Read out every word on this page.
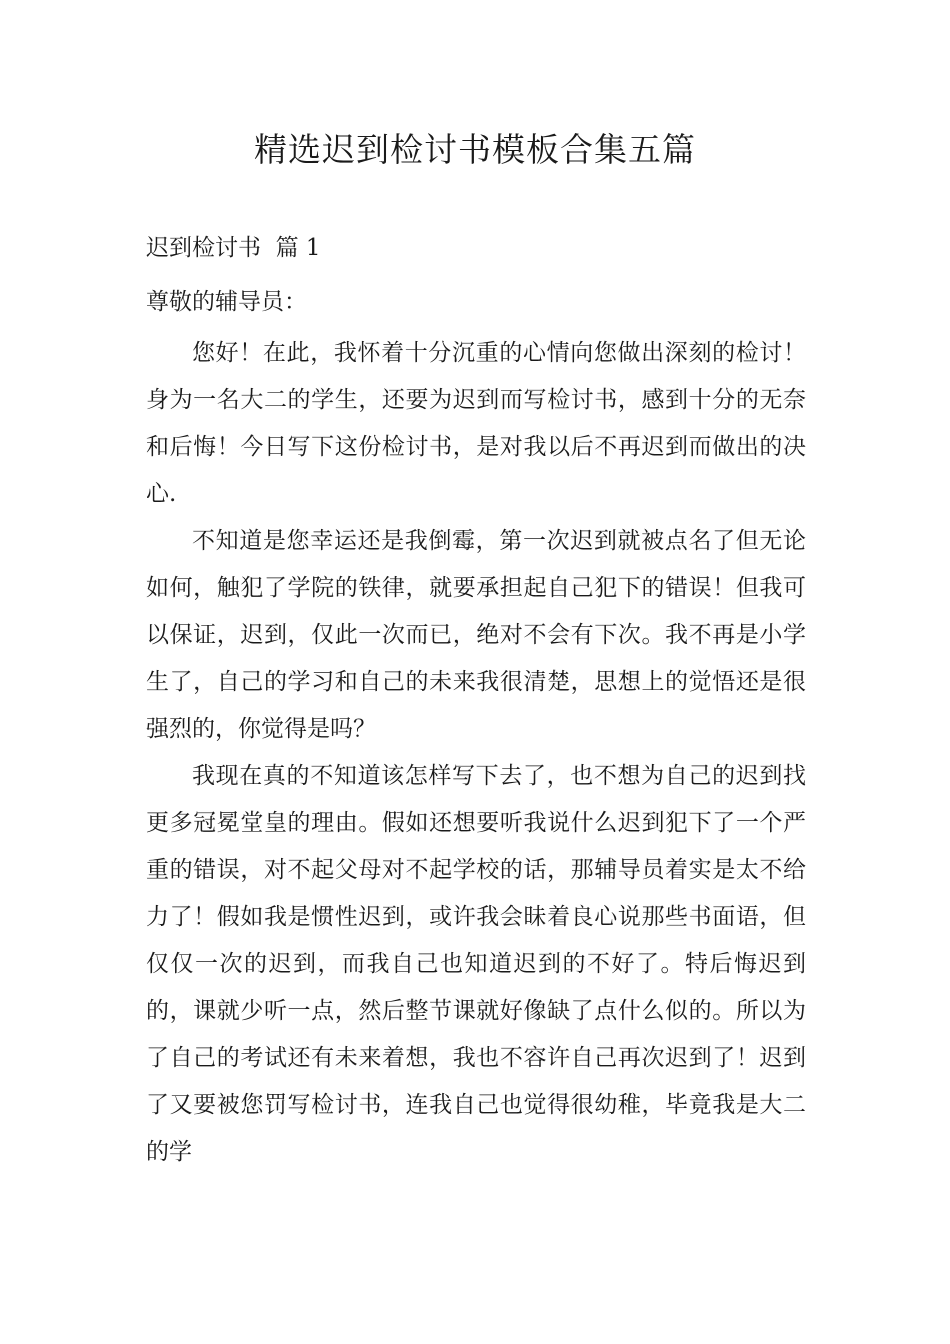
精选迟到检讨书模板合集五篇

迟到检讨书  篇 1

尊敬的辅导员：

您好！在此，我怀着十分沉重的心情向您做出深刻的检讨！身为一名大二的学生，还要为迟到而写检讨书，感到十分的无奈和后悔！今日写下这份检讨书，是对我以后不再迟到而做出的决心.

不知道是您幸运还是我倒霉，第一次迟到就被点名了但无论如何，触犯了学院的铁律，就要承担起自己犯下的错误！但我可以保证，迟到，仅此一次而已，绝对不会有下次。我不再是小学生了，自己的学习和自己的未来我很清楚，思想上的觉悟还是很强烈的，你觉得是吗？

我现在真的不知道该怎样写下去了，也不想为自己的迟到找更多冠冕堂皇的理由。假如还想要听我说什么迟到犯下了一个严重的错误，对不起父母对不起学校的话，那辅导员着实是太不给力了！假如我是惯性迟到，或许我会昧着良心说那些书面语，但仅仅一次的迟到，而我自己也知道迟到的不好了。特后悔迟到的，课就少听一点，然后整节课就好像缺了点什么似的。所以为了自己的考试还有未来着想，我也不容许自己再次迟到了！迟到了又要被您罚写检讨书，连我自己也觉得很幼稚，毕竟我是大二的学
